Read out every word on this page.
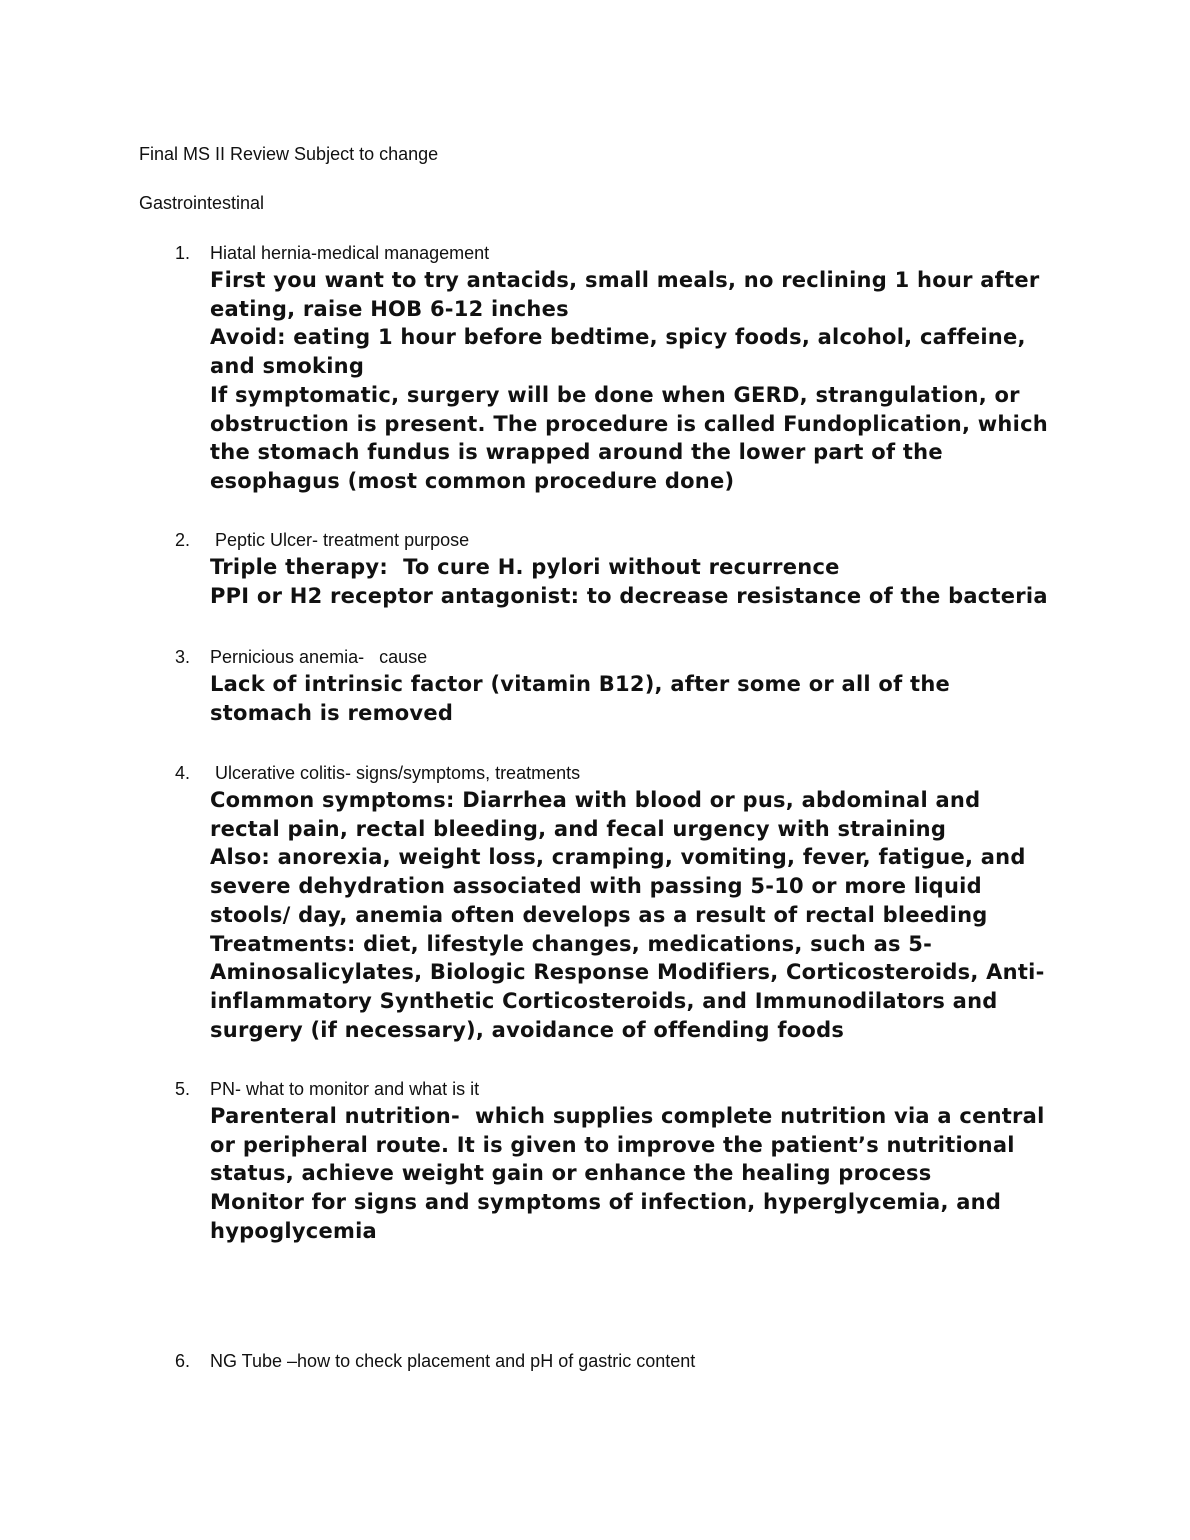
Final MS II Review Subject to change
Gastrointestinal
1. Hiatal hernia-medical management

First you want to try antacids, small meals, no reclining 1 hour after eating, raise HOB 6-12 inches

Avoid: eating 1 hour before bedtime, spicy foods, alcohol, caffeine, and smoking

If symptomatic, surgery will be done when GERD, strangulation, or obstruction is present. The procedure is called Fundoplication, which the stomach fundus is wrapped around the lower part of the esophagus (most common procedure done)

2. Peptic Ulcer- treatment purpose

Triple therapy:  To cure H. pylori without recurrence

PPI or H2 receptor antagonist: to decrease resistance of the bacteria

3. Pernicious anemia-   cause

Lack of intrinsic factor (vitamin B12), after some or all of the stomach is removed

4. Ulcerative colitis- signs/symptoms, treatments

Common symptoms: Diarrhea with blood or pus, abdominal and rectal pain, rectal bleeding, and fecal urgency with straining

Also: anorexia, weight loss, cramping, vomiting, fever, fatigue, and severe dehydration associated with passing 5-10 or more liquid stools/ day, anemia often develops as a result of rectal bleeding

Treatments: diet, lifestyle changes, medications, such as 5-Aminosalicylates, Biologic Response Modifiers, Corticosteroids, Anti-inflammatory Synthetic Corticosteroids, and Immunodilators and surgery (if necessary), avoidance of offending foods

5. PN- what to monitor and what is it

Parenteral nutrition-  which supplies complete nutrition via a central or peripheral route. It is given to improve the patient’s nutritional status, achieve weight gain or enhance the healing process

Monitor for signs and symptoms of infection, hyperglycemia, and hypoglycemia

6. NG Tube –how to check placement and pH of gastric content
